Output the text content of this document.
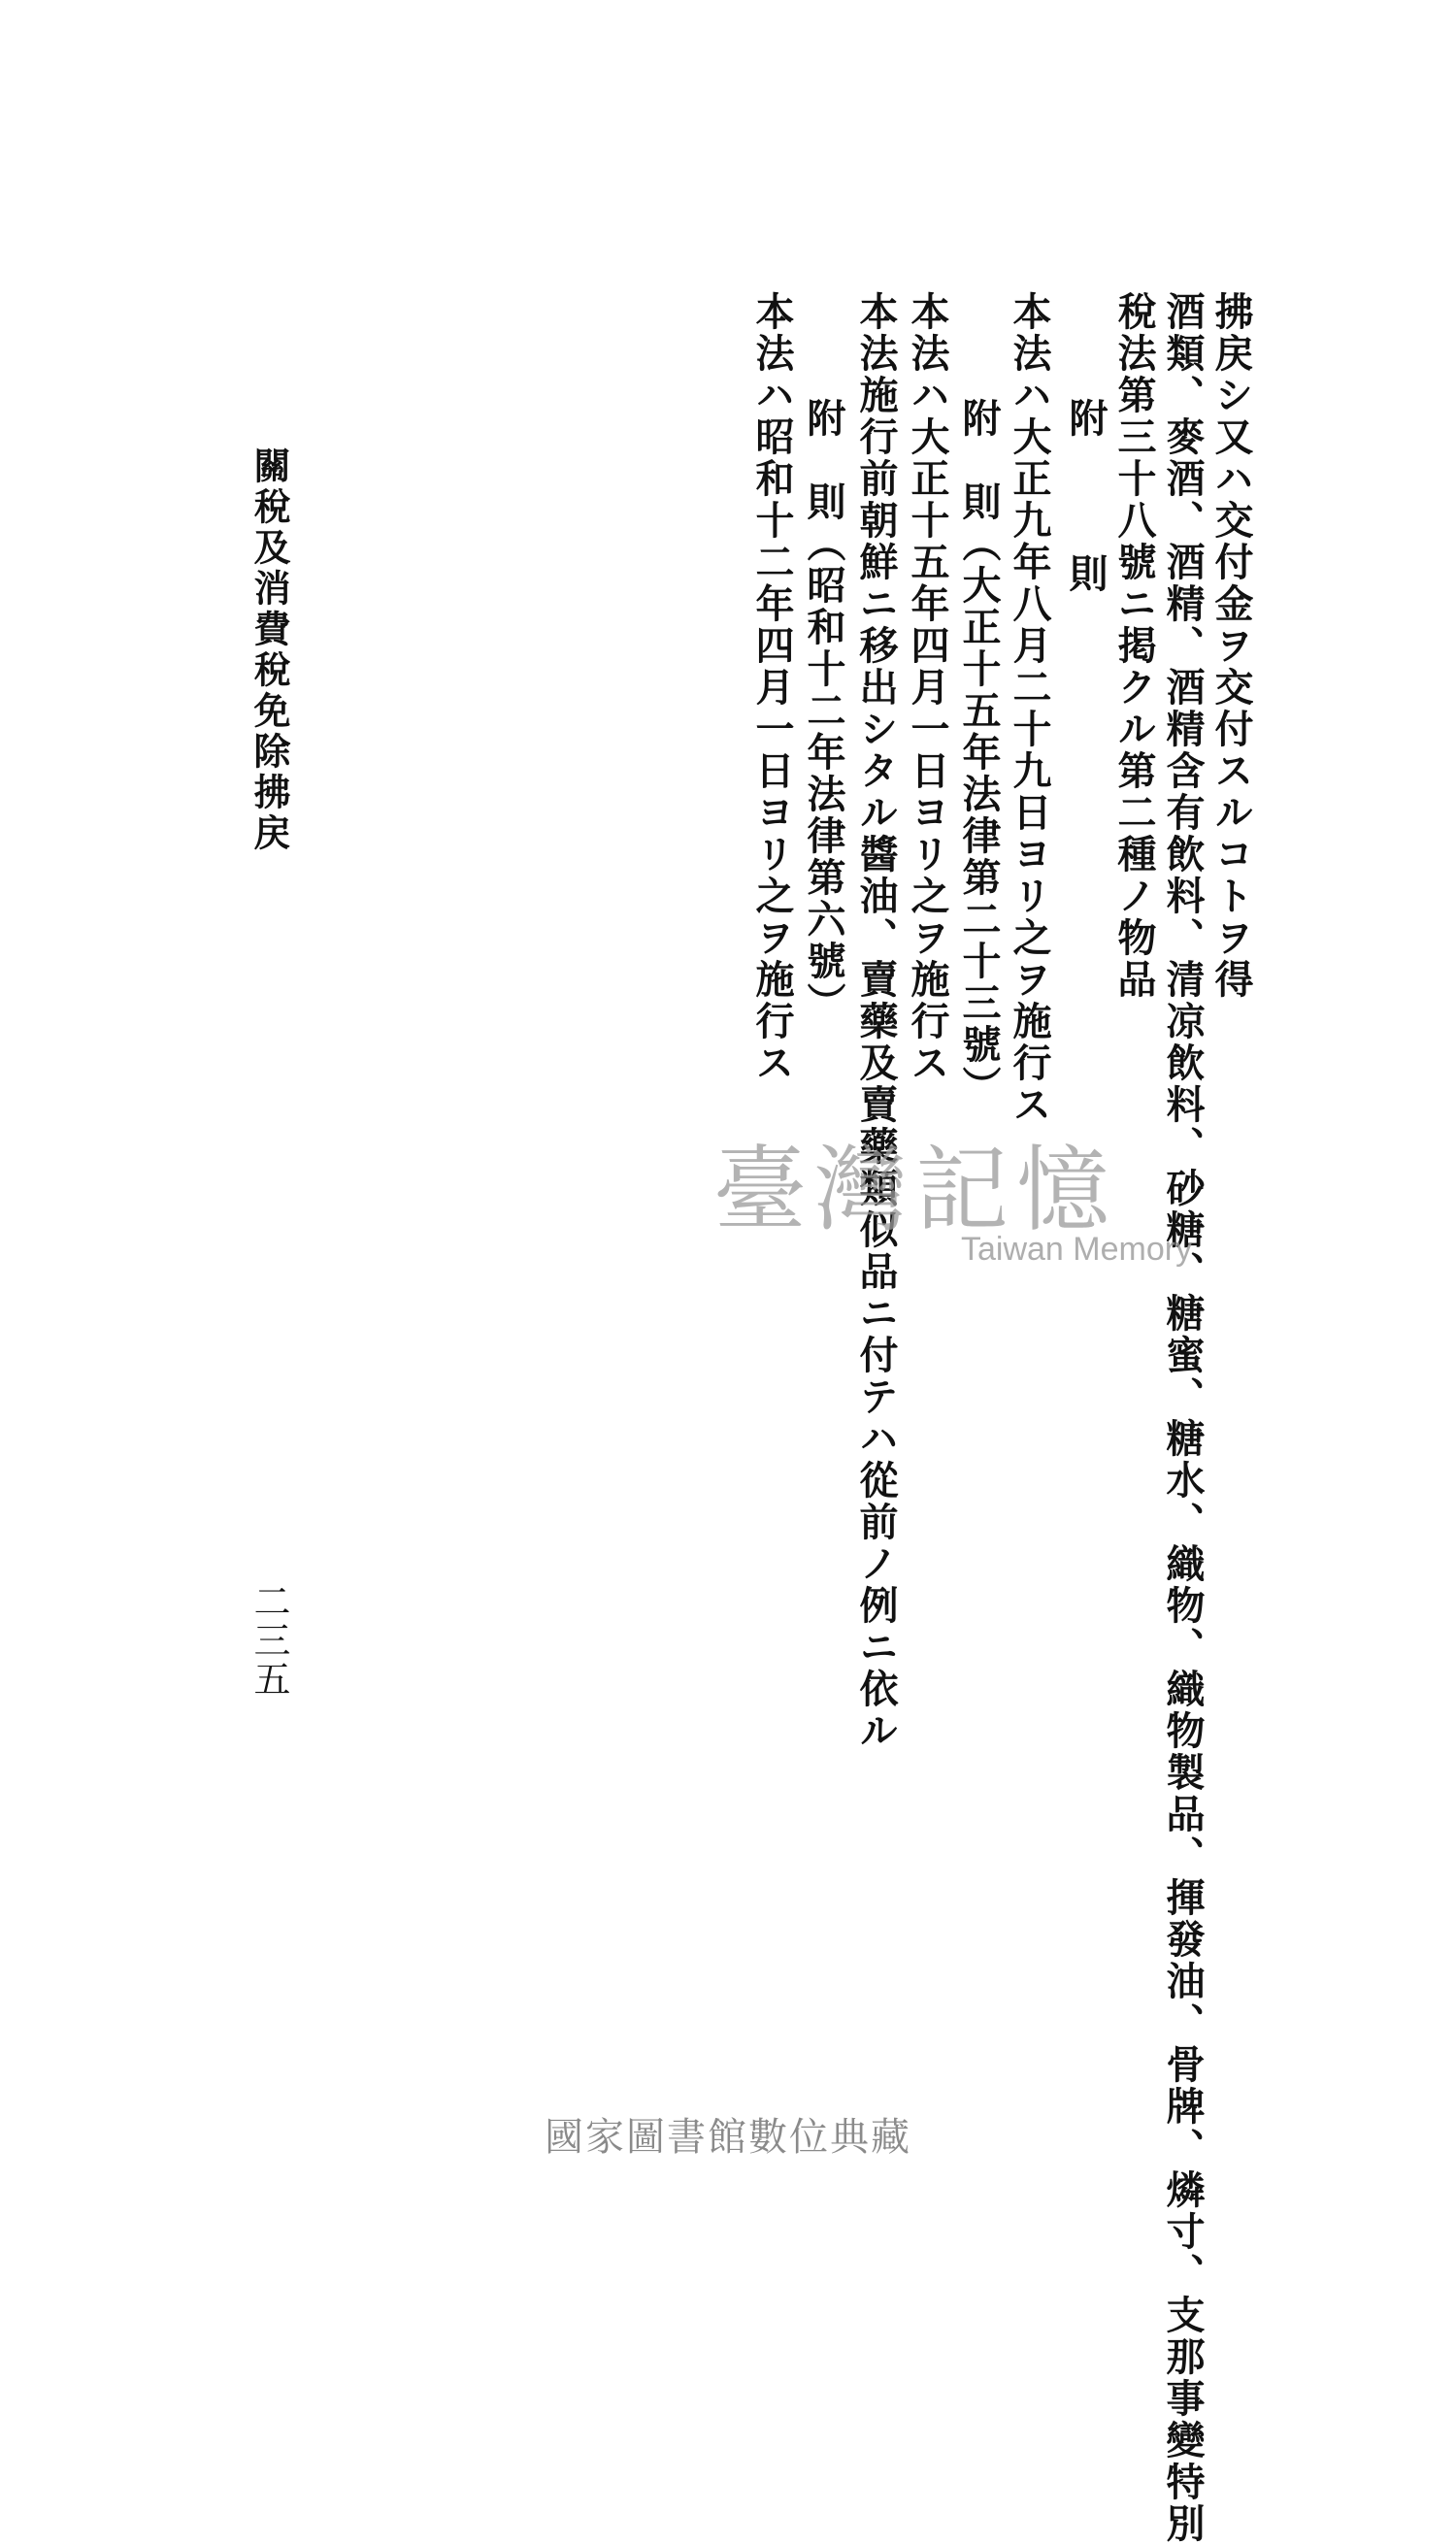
拂戻シ又ハ交付金ヲ交付スルコトヲ得
酒類、麥酒、酒精、酒精含有飲料、清凉飲料、砂糖、糖蜜、糖水、織物、織物製品、揮發油、骨牌、燐寸、支那事變特別
稅法第三十八號ニ掲クル第二種ノ物品
附　則
本法ハ大正九年八月二十九日ヨリ之ヲ施行ス
附　則（大正十五年法律第二十三號）
本法ハ大正十五年四月一日ヨリ之ヲ施行ス
本法施行前朝鮮ニ移出シタル醬油、賣藥及賣藥類似品ニ付テハ從前ノ例ニ依ル
附　則（昭和十二年法律第六號）
本法ハ昭和十二年四月一日ヨリ之ヲ施行ス
關稅及消費稅免除拂戻
二三五
臺灣記憶
Taiwan Memory
國家圖書館數位典藏
